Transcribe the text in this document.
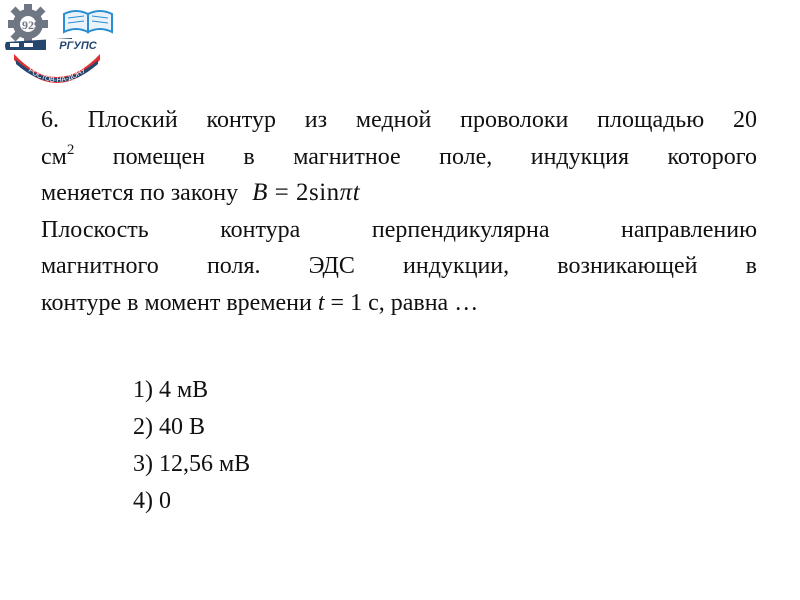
1929
РГУПС
РОСТОВ-НА-ДОНУ
6. Плоский контур из медной проволоки площадью 20
$см^2$ помещен в магнитное поле, индукция которого
меняется по закону B = 2sinπt
Плоскость контура перпендикулярна направлению
магнитного поля. ЭДС индукции, возникающей в
контуре в момент времени t = 1 с, равна …
1) 4 мВ
2) 40 В
3) 12,56 мВ
4) 0
